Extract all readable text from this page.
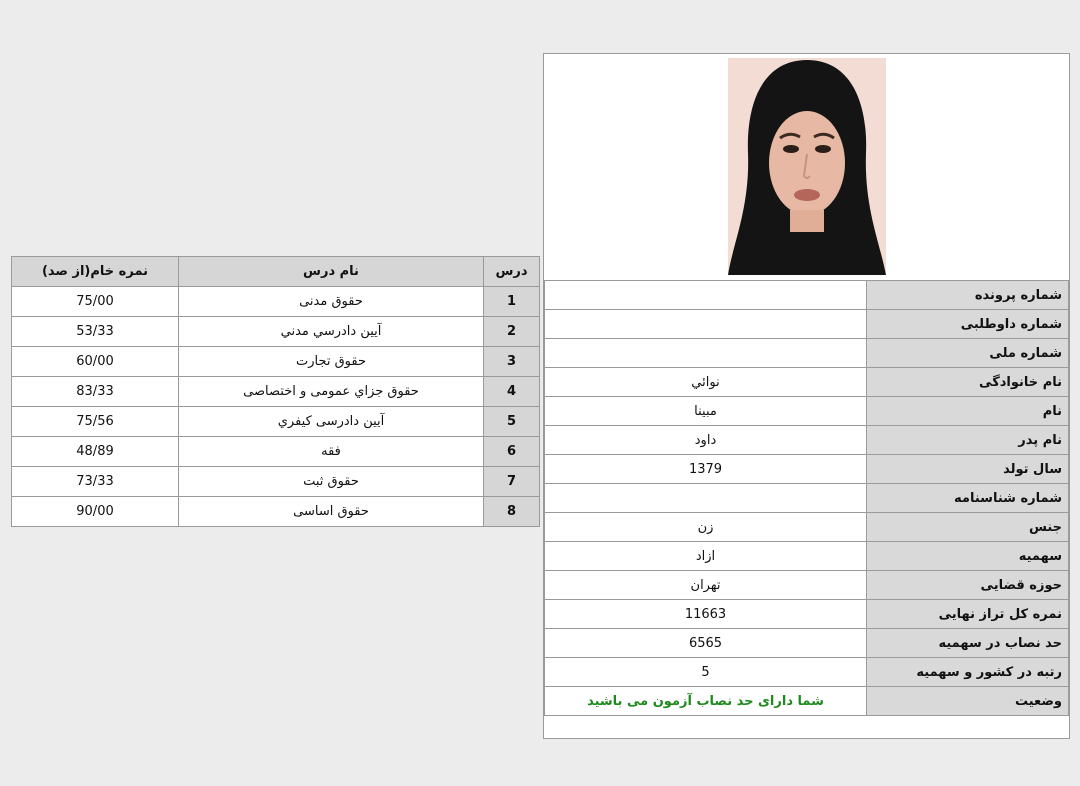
شماره پرونده	
شماره داوطلبی	
شماره ملی	
نام خانوادگی	نوائي
نام	مبينا
نام پدر	داود
سال تولد	1379
شماره شناسنامه	
جنس	زن
سهمیه	ازاد
حوزه قضایی	تهران
نمره کل تراز نهایی	11663
حد نصاب در سهمیه	6565
رتبه در کشور و سهمیه	5
وضعیت	شما دارای حد نصاب آزمون می باشید
درس	نام درس	نمره خام(از صد)
1	حقوق مدنی	75/00
2	آيين دادرسي مدني	53/33
3	حقوق تجارت	60/00
4	حقوق جزاي عمومی و اختصاصی	83/33
5	آيين دادرسی کيفري	75/56
6	فقه	48/89
7	حقوق ثبت	73/33
8	حقوق اساسی	90/00
